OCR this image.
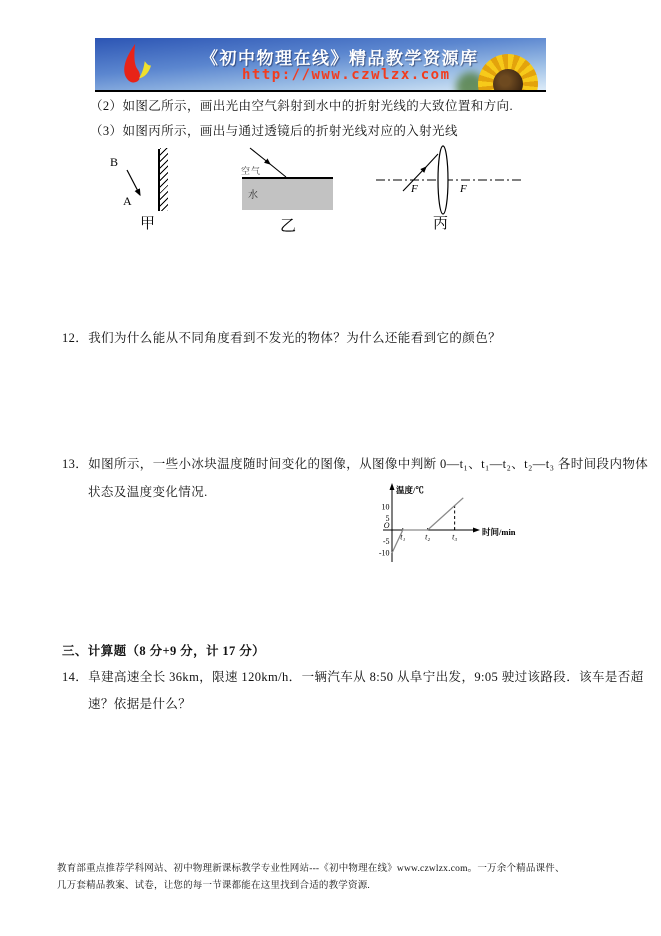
《初中物理在线》精品教学资源库
http://www.czwlzx.com
（2）如图乙所示，画出光由空气斜射到水中的折射光线的大致位置和方向.
（3）如图丙所示，画出与通过透镜后的折射光线对应的入射光线
B
A
甲
空气
水
乙
F	F
丙
12．我们为什么能从不同角度看到不发光的物体？为什么还能看到它的颜色？
13．如图所示，一些小冰块温度随时间变化的图像，从图像中判断 0—t₁、t₁—t₂、t₂—t₃ 各时间段内物体
状态及温度变化情况.	温度/℃
时间/min
10
5
O
-5
-10
t₁ t₂	t₃
三、计算题（8 分+9 分，计 17 分）
14．阜建高速全长 36km，限速 120km/h．一辆汽车从 8:50 从阜宁出发，9:05 驶过该路段．该车是否超
速？依据是什么？
教育部重点推荐学科网站、初中物理新课标教学专业性网站---《初中物理在线》www.czwlzx.com。一万余个精品课件、
几万套精品教案、试卷，让您的每一节课都能在这里找到合适的教学资源.
